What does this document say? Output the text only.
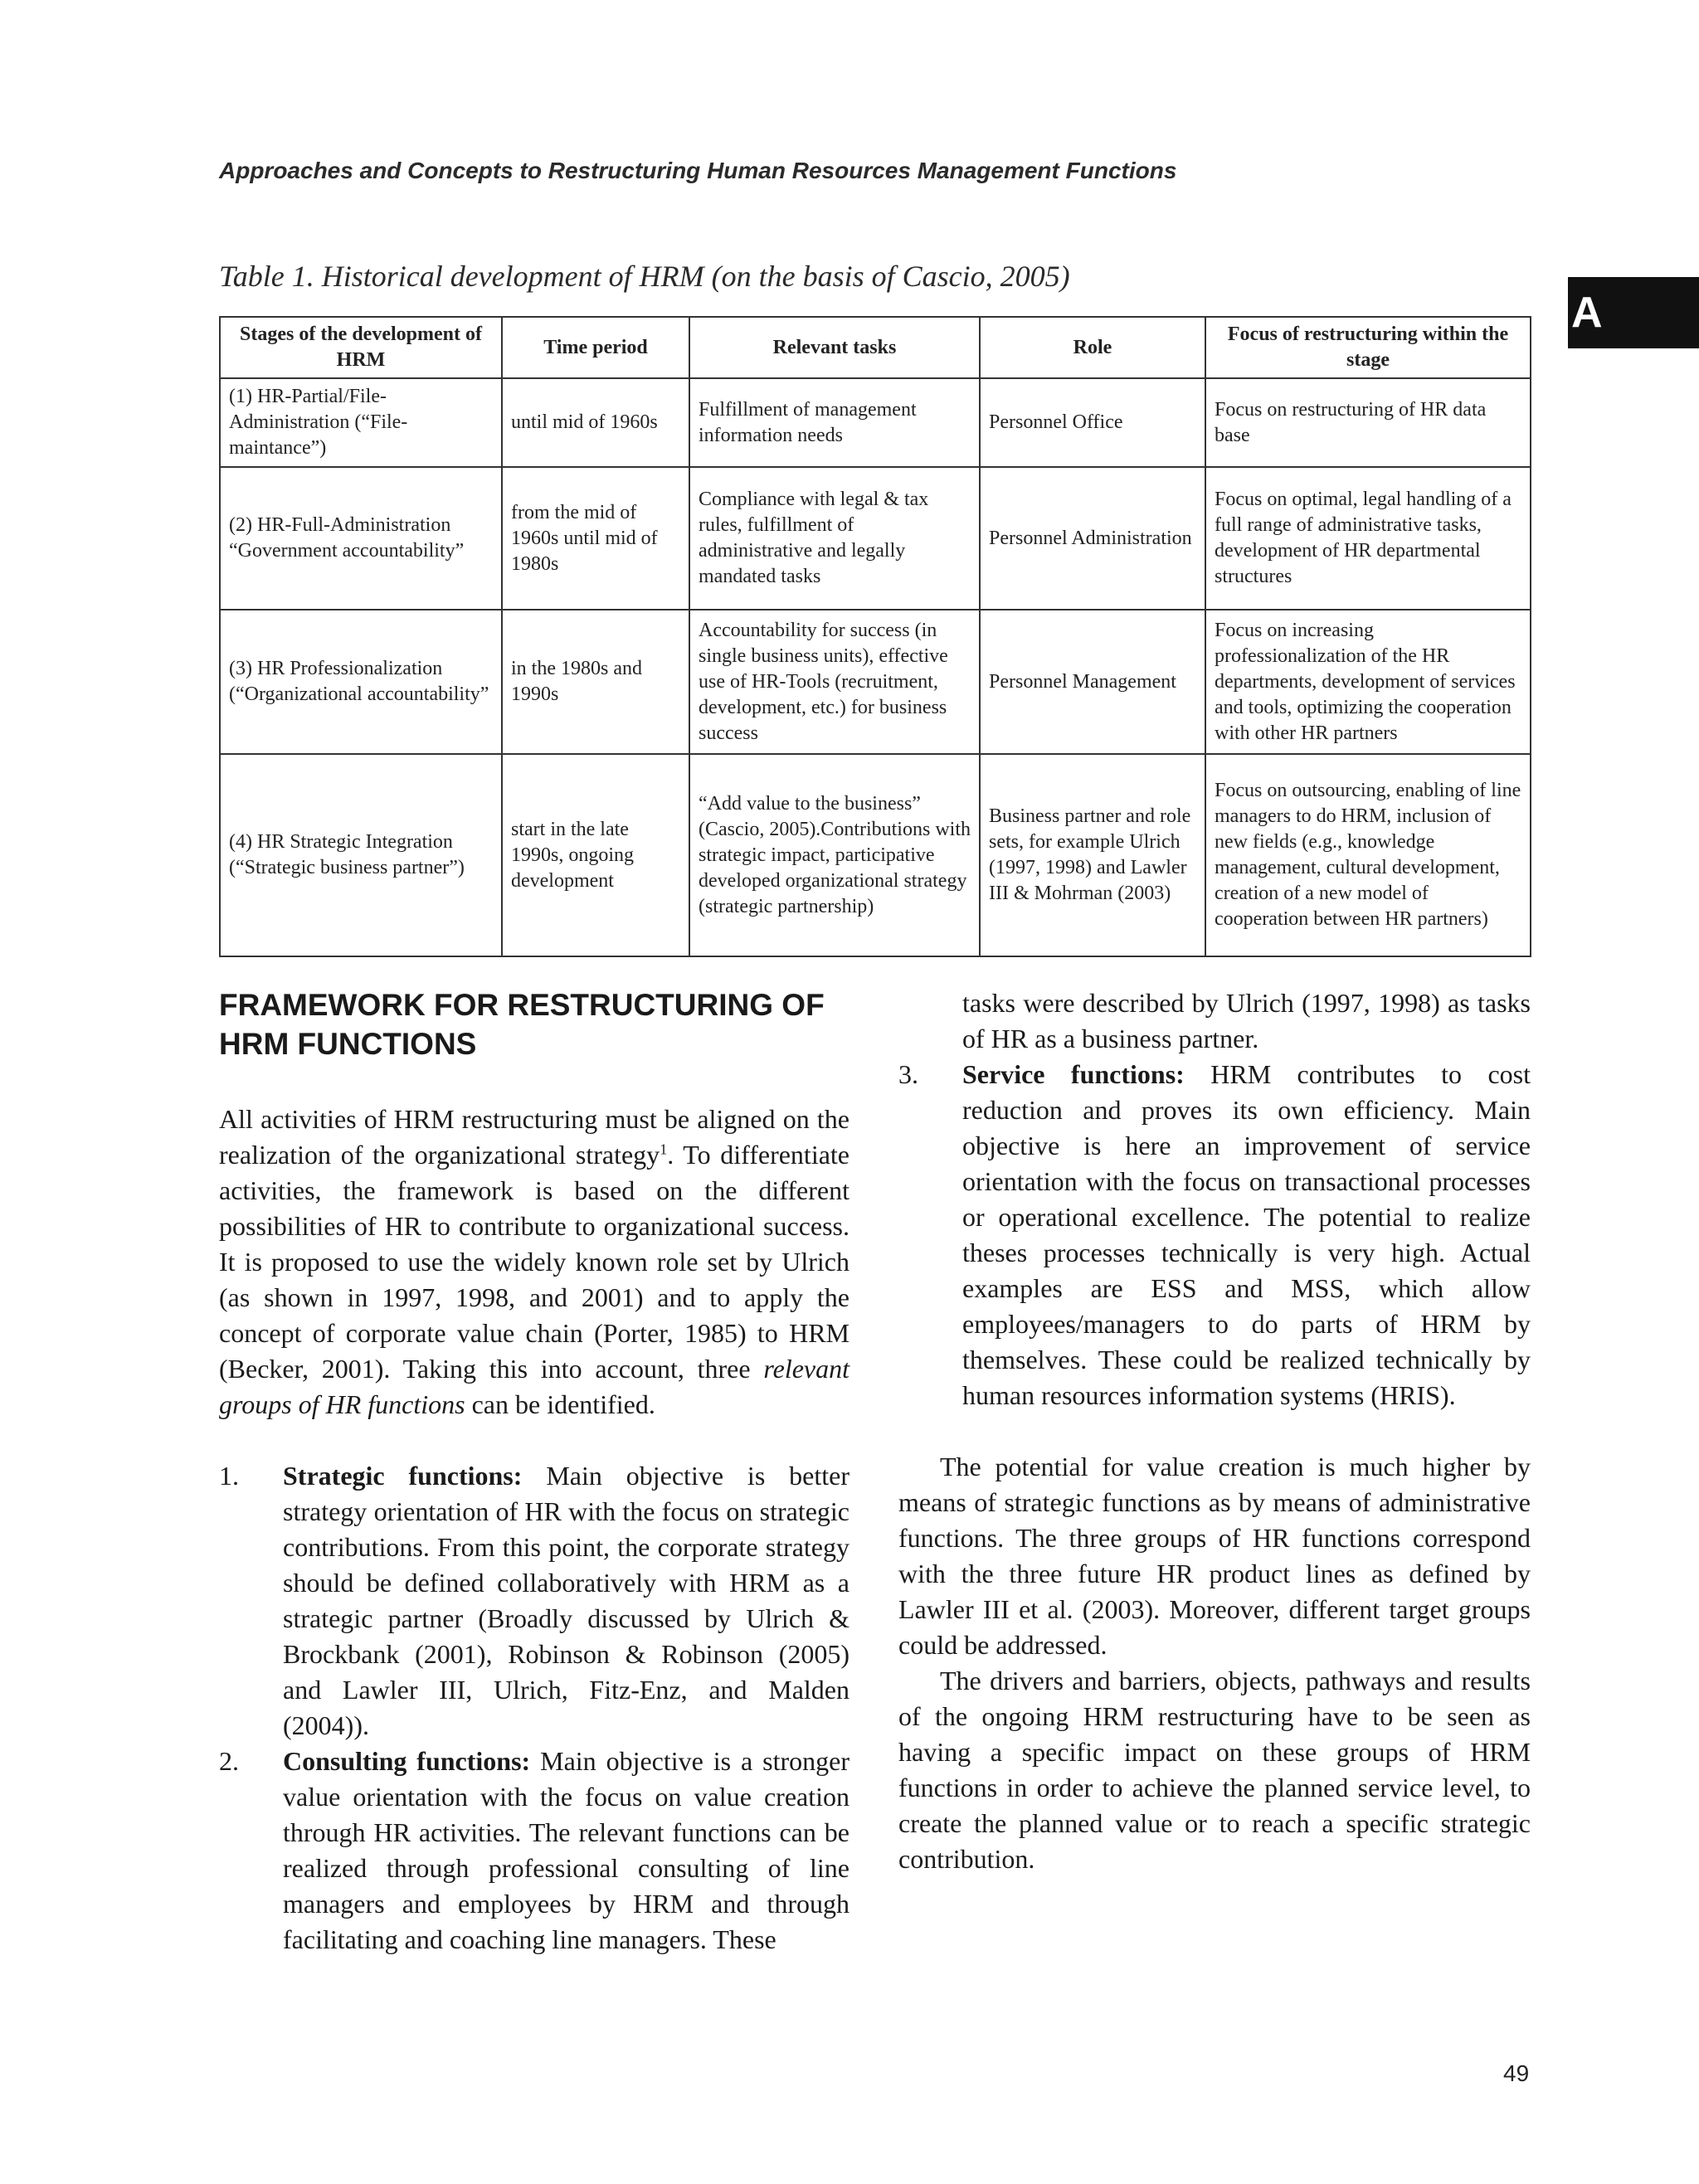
Approaches and Concepts to Restructuring Human Resources Management Functions
A
Table 1. Historical development of HRM (on the basis of Cascio, 2005)
Stages of the development of HRM	Time period	Relevant tasks	Role	Focus of restructuring within the stage
(1) HR-Partial/File-Administration (“File-maintance”)	until mid of 1960s	Fulfillment of management information needs	Personnel Office	Focus on restructuring of HR data base
(2) HR-Full-Administration “Government accountability”	from the mid of 1960s until mid of 1980s	Compliance with legal & tax rules, fulfillment of administrative and legally mandated tasks	Personnel Administration	Focus on optimal, legal handling of a full range of administrative tasks, development of HR departmental structures
(3) HR Professionalization (“Organizational accountability”	in the 1980s and 1990s	Accountability for success (in single business units), effective use of HR-Tools (recruitment, development, etc.) for business success	Personnel Management	Focus on increasing professionalization of the HR departments, development of services and tools, optimizing the cooperation with other HR partners
(4) HR Strategic Integration (“Strategic business partner”)	start in the late 1990s, ongoing development	“Add value to the business” (Cascio, 2005).Contributions with strategic impact, participative developed organizational strategy (strategic partnership)	Business partner and role sets, for example Ulrich (1997, 1998) and Lawler III & Mohrman (2003)	Focus on outsourcing, enabling of line managers to do HRM, inclusion of new fields (e.g., knowledge management, cultural development, creation of a new model of cooperation between HR partners)
FRAMEWORK FOR RESTRUCTURING OF HRM FUNCTIONS

All activities of HRM restructuring must be aligned on the realization of the organizational strategy$^1$. To differentiate activities, the framework is based on the different possibilities of HR to contribute to organizational success. It is proposed to use the widely known role set by Ulrich (as shown in 1997, 1998, and 2001) and to apply the concept of corporate value chain (Porter, 1985) to HRM (Becker, 2001). Taking this into account, three relevant groups of HR functions can be identified.

1. Strategic functions: Main objective is better strategy orientation of HR with the focus on strategic contributions. From this point, the corporate strategy should be defined collaboratively with HRM as a strategic partner (Broadly discussed by Ulrich & Brockbank (2001), Robinson & Robinson (2005) and Lawler III, Ulrich, Fitz-Enz, and Malden (2004)).
2. Consulting functions: Main objective is a stronger value orientation with the focus on value creation through HR activities. The relevant functions can be realized through professional consulting of line managers and employees by HRM and through facilitating and coaching line managers. These

tasks were described by Ulrich (1997, 1998) as tasks of HR as a business partner.

3. Service functions: HRM contributes to cost reduction and proves its own efficiency. Main objective is here an improvement of service orientation with the focus on transactional processes or operational excellence. The potential to realize theses processes technically is very high. Actual examples are ESS and MSS, which allow employees/managers to do parts of HRM by themselves. These could be realized technically by human resources information systems (HRIS).

The potential for value creation is much higher by means of strategic functions as by means of administrative functions. The three groups of HR functions correspond with the three future HR product lines as defined by Lawler III et al. (2003). Moreover, different target groups could be addressed.

The drivers and barriers, objects, pathways and results of the ongoing HRM restructuring have to be seen as having a specific impact on these groups of HRM functions in order to achieve the planned service level, to create the planned value or to reach a specific strategic contribution.

49
